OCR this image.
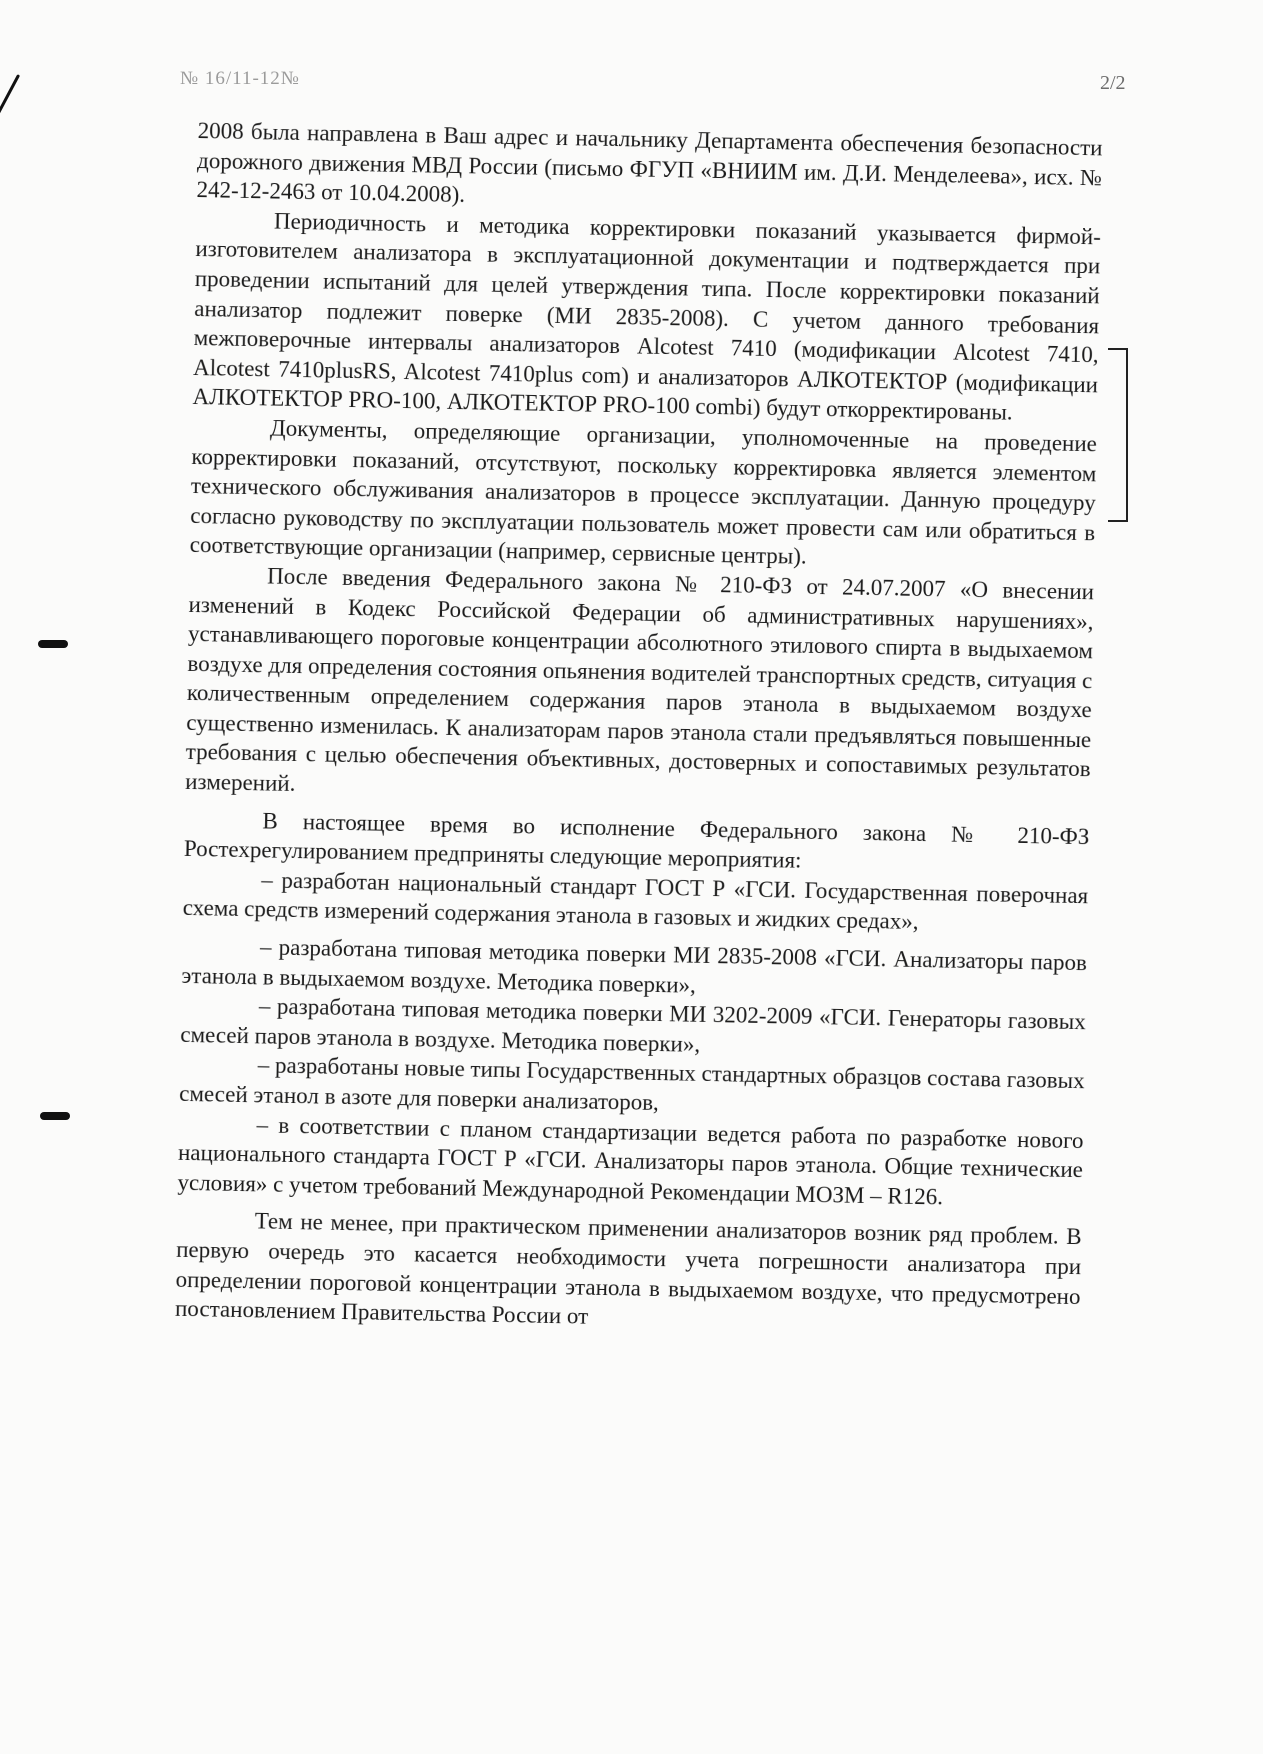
№ 16/11-12№	2/2

2008 была направлена в Ваш адрес и начальнику Департамента обеспечения безопасности дорожного движения МВД России (письмо ФГУП «ВНИИМ им. Д.И. Менделеева», исх. № 242-12-2463 от 10.04.2008).

Периодичность и методика корректировки показаний указывается фирмой-изготовителем анализатора в эксплуатационной документации и подтверждается при проведении испытаний для целей утверждения типа. После корректировки показаний анализатор подлежит поверке (МИ 2835-2008). С учетом данного требования межповерочные интервалы анализаторов Alcotest 7410 (модификации Alcotest 7410, Alcotest 7410plusRS, Alcotest 7410plus com) и анализаторов АЛКОТЕКТОР (модификации АЛКОТЕКТОР PRO-100, АЛКОТЕКТОР PRO-100 combi) будут откорректированы.

Документы, определяющие организации, уполномоченные на проведение корректировки показаний, отсутствуют, поскольку корректировка является элементом технического обслуживания анализаторов в процессе эксплуатации. Данную процедуру согласно руководству по эксплуатации пользователь может провести сам или обратиться в соответствующие организации (например, сервисные центры).

После введения Федерального закона № 210-ФЗ от 24.07.2007 «О внесении изменений в Кодекс Российской Федерации об административных нарушениях», устанавливающего пороговые концентрации абсолютного этилового спирта в выдыхаемом воздухе для определения состояния опьянения водителей транспортных средств, ситуация с количественным определением содержания паров этанола в выдыхаемом воздухе существенно изменилась. К анализаторам паров этанола стали предъявляться повышенные требования с целью обеспечения объективных, достоверных и сопоставимых результатов измерений.

В настоящее время во исполнение Федерального закона № 210-ФЗ Ростехрегулированием предприняты следующие мероприятия:

– разработан национальный стандарт ГОСТ Р «ГСИ. Государственная поверочная схема средств измерений содержания этанола в газовых и жидких средах»,

– разработана типовая методика поверки МИ 2835-2008 «ГСИ. Анализаторы паров этанола в выдыхаемом воздухе. Методика поверки»,

– разработана типовая методика поверки МИ 3202-2009 «ГСИ. Генераторы газовых смесей паров этанола в воздухе. Методика поверки»,

– разработаны новые типы Государственных стандартных образцов состава газовых смесей этанол в азоте для поверки анализаторов,

– в соответствии с планом стандартизации ведется работа по разработке нового национального стандарта ГОСТ Р «ГСИ. Анализаторы паров этанола. Общие технические условия» с учетом требований Международной Рекомендации МОЗМ – R126.

Тем не менее, при практическом применении анализаторов возник ряд проблем. В первую очередь это касается необходимости учета погрешности анализатора при определении пороговой концентрации этанола в выдыхаемом воздухе, что предусмотрено постановлением Правительства России от
